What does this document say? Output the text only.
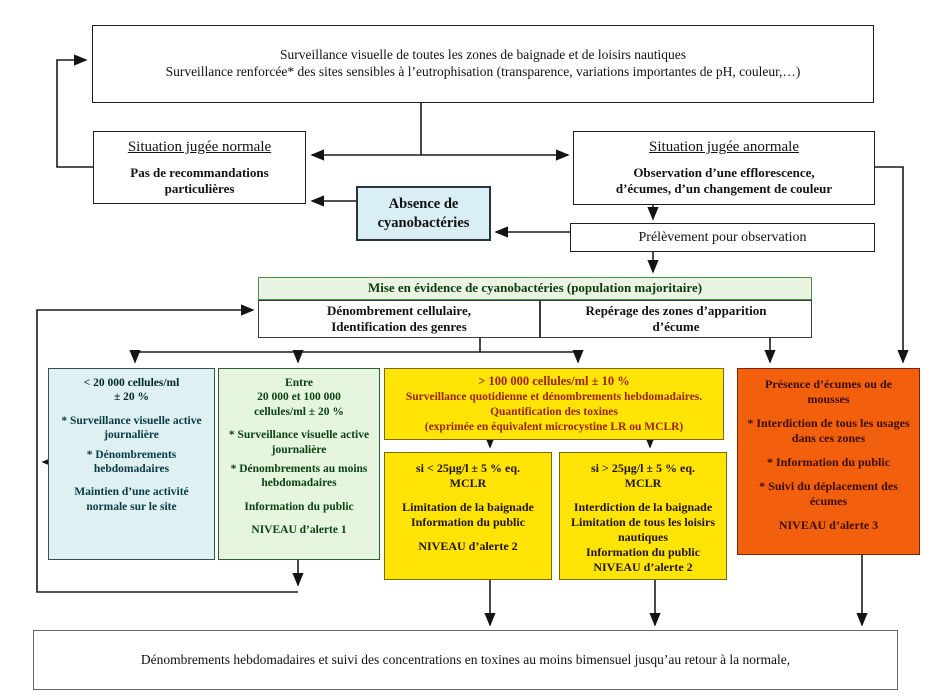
Surveillance visuelle de toutes les zones de baignade et de loisirs nautiques
Surveillance renforcée* des sites sensibles à l’eutrophisation (transparence, variations importantes de pH, couleur,…)
Situation jugée normale
Pas de recommandations particulières
Situation jugée anormale
Observation d’une efflorescence,
d’écumes, d’un changement de couleur
Absence de cyanobactéries
Prélèvement pour observation
Mise en évidence de cyanobactéries (population majoritaire)
Dénombrement cellulaire,
Identification des genres
Repérage des zones d’apparition d’écume
< 20 000 cellules/ml
± 20 %
* Surveillance visuelle active journalière
* Dénombrements hebdomadaires
Maintien d’une activité normale sur le site
Entre
20 000 et 100 000
cellules/ml ± 20 %
* Surveillance visuelle active journalière
* Dénombrements au moins hebdomadaires
Information du public
NIVEAU d’alerte 1
> 100 000 cellules/ml ± 10 %
Surveillance quotidienne et dénombrements hebdomadaires.
Quantification des toxines
(exprimée en équivalent microcystine LR ou MCLR)
si < 25µg/l ± 5 % eq.
MCLR
Limitation de la baignade
Information du public
NIVEAU d’alerte 2
si > 25µg/l ± 5 % eq.
MCLR
Interdiction de la baignade
Limitation de tous les loisirs nautiques
Information du public
NIVEAU d’alerte 2
Présence d’écumes ou de mousses
* Interdiction de tous les usages dans ces zones
* Information du public
* Suivi du déplacement des écumes
NIVEAU d’alerte 3
Dénombrements hebdomadaires et suivi des concentrations en toxines au moins bimensuel jusqu’au retour à la normale,
